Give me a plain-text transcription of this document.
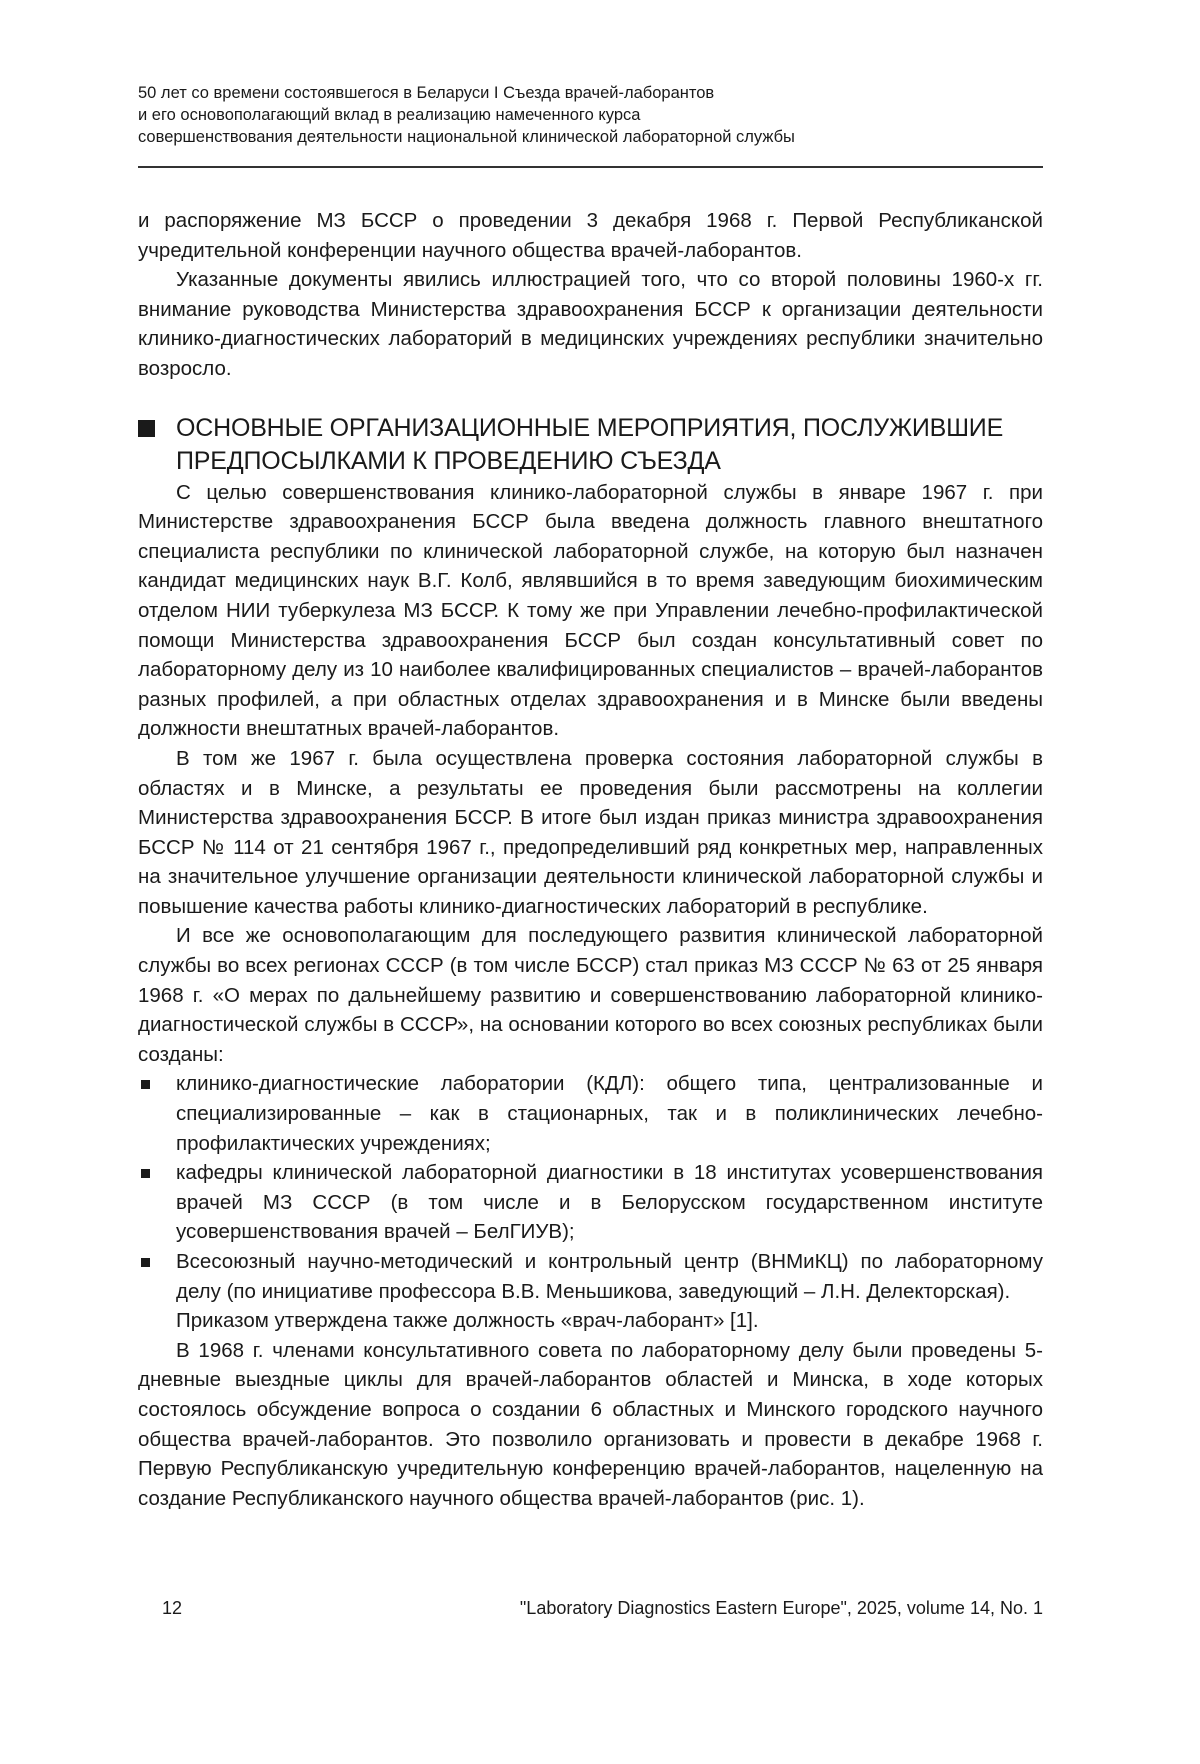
50 лет со времени состоявшегося в Беларуси I Съезда врачей-лаборантов
и его основополагающий вклад в реализацию намеченного курса
совершенствования деятельности национальной клинической лабораторной службы

и распоряжение МЗ БССР о проведении 3 декабря 1968 г. Первой Республиканской учредительной конференции научного общества врачей-лаборантов.

Указанные документы явились иллюстрацией того, что со второй половины 1960-х гг. внимание руководства Министерства здравоохранения БССР к организации деятельности клинико-диагностических лабораторий в медицинских учреждениях республики значительно возросло.

ОСНОВНЫЕ ОРГАНИЗАЦИОННЫЕ МЕРОПРИЯТИЯ, ПОСЛУЖИВШИЕ ПРЕДПОСЫЛКАМИ К ПРОВЕДЕНИЮ СЪЕЗДА

С целью совершенствования клинико-лабораторной службы в январе 1967 г. при Министерстве здравоохранения БССР была введена должность главного внештатного специалиста республики по клинической лабораторной службе, на которую был назначен кандидат медицинских наук В.Г. Колб, являвшийся в то время заведующим биохимическим отделом НИИ туберкулеза МЗ БССР. К тому же при Управлении лечебно-профилактической помощи Министерства здравоохранения БССР был создан консультативный совет по лабораторному делу из 10 наиболее квалифицированных специалистов – врачей-лаборантов разных профилей, а при областных отделах здравоохранения и в Минске были введены должности внештатных врачей-лаборантов.

В том же 1967 г. была осуществлена проверка состояния лабораторной службы в областях и в Минске, а результаты ее проведения были рассмотрены на коллегии Министерства здравоохранения БССР. В итоге был издан приказ министра здравоохранения БССР № 114 от 21 сентября 1967 г., предопределивший ряд конкретных мер, направленных на значительное улучшение организации деятельности клинической лабораторной службы и повышение качества работы клинико-диагностических лабораторий в республике.

И все же основополагающим для последующего развития клинической лабораторной службы во всех регионах СССР (в том числе БССР) стал приказ МЗ СССР № 63 от 25 января 1968 г. «О мерах по дальнейшему развитию и совершенствованию лабораторной клинико-диагностической службы в СССР», на основании которого во всех союзных республиках были созданы:

клинико-диагностические лаборатории (КДЛ): общего типа, централизованные и специализированные – как в стационарных, так и в поликлинических лечебно-профилактических учреждениях;
кафедры клинической лабораторной диагностики в 18 институтах усовершенствования врачей МЗ СССР (в том числе и в Белорусском государственном институте усовершенствования врачей – БелГИУВ);
Всесоюзный научно-методический и контрольный центр (ВНМиКЦ) по лабораторному делу (по инициативе профессора В.В. Меньшикова, заведующий – Л.Н. Делекторская).

Приказом утверждена также должность «врач-лаборант» [1].

В 1968 г. членами консультативного совета по лабораторному делу были проведены 5-дневные выездные циклы для врачей-лаборантов областей и Минска, в ходе которых состоялось обсуждение вопроса о создании 6 областных и Минского городского научного общества врачей-лаборантов. Это позволило организовать и провести в декабре 1968 г. Первую Республиканскую учредительную конференцию врачей-лаборантов, нацеленную на создание Республиканского научного общества врачей-лаборантов (рис. 1).

12	"Laboratory Diagnostics Eastern Europe", 2025, volume 14, No. 1
